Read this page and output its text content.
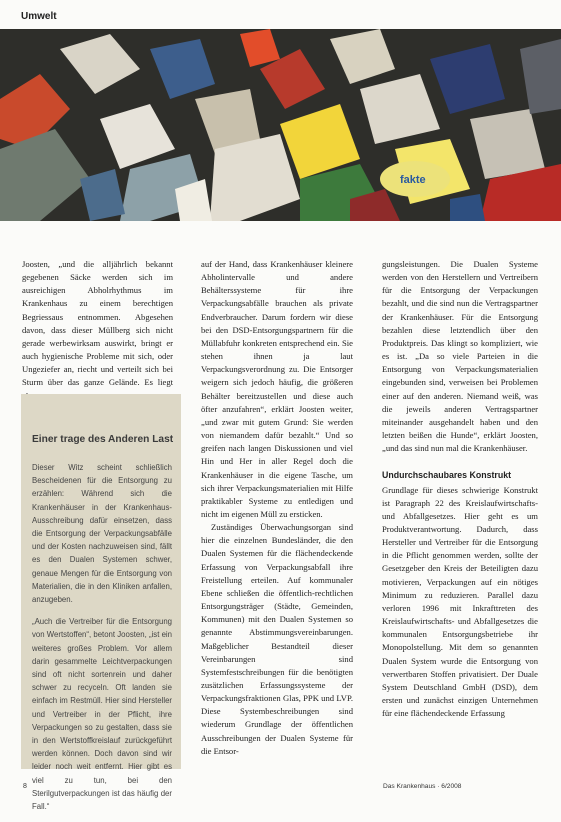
Umwelt
fakte

Joosten, „und die alljährlich bekannt gegebenen Säcke werden sich im ausreichigen Abholrhythmus im Krankenhaus zu einem berechtigen Begriessaus entnommen. Abgesehen davon, dass dieser Müllberg sich nicht gerade werbewirksam auswirkt, bringt er auch hygienische Probleme mit sich, oder Ungeziefer an, riecht und verteilt sich bei Sturm über das ganze Gelände. Es liegt

auf der Hand, dass Krankenhäuser kleinere Abholintervalle und andere Behälterssysteme für ihre Verpackungsabfälle brauchen als private Endverbraucher. Darum fordern wir diese bei den DSD-Entsorgungspartnern für die Müllabfuhr konkreten entsprechend ein. Sie stehen ihnen ja laut Verpackungsverordnung zu. Die Entsorger weigern sich jedoch häufig, die größeren Behälter bereitzustellen und diese auch öfter anzufahren“, erklärt Joosten weiter, „und zwar mit gutem Grund: Sie werden von niemandem dafür bezahlt.“ Und so greifen nach langen Diskussionen und viel Hin und Her in aller Regel doch die Krankenhäuser in die eigene Tasche, um sich ihrer Verpackungsmaterialien mit Hilfe praktikabler Systeme zu entledigen und nicht im eigenen Müll zu ersticken.

Zuständiges Überwachungsorgan sind hier die einzelnen Bundesländer, die den Dualen Systemen für die flächendeckende Erfassung von Verpackungsabfall ihre Freistellung erteilen. Auf kommunaler Ebene schließen die öffentlich-rechtlichen Entsorgungsträger (Städte, Gemeinden, Kommunen) mit den Dualen Systemen so genannte Abstimmungsvereinbarungen. Maßgeblicher Bestandteil dieser Vereinbarungen sind Systemfestschreibungen für die benötigten zusätzlichen Erfassungssysteme der Verpackungsfraktionen Glas, PPK und LVP. Diese Systembeschreibungen sind wiederum Grundlage der öffentlichen Ausschreibungen der Dualen Systeme für die Entsor-

gungsleistungen. Die Dualen Systeme werden von den Herstellern und Vertreibern für die Entsorgung der Verpackungen bezahlt, und die sind nun die Vertragspartner der Krankenhäuser. Für die Entsorgung bezahlen diese letztendlich über den Produktpreis. Das klingt so kompliziert, wie es ist. „Da so viele Parteien in die Entsorgung von Verpackungsmaterialien eingebunden sind, verweisen bei Problemen einer auf den anderen. Niemand weiß, was die jeweils anderen Vertragspartner miteinander ausgehandelt haben und den letzten beißen die Hunde“, erklärt Joosten, „und das sind nun mal die Krankenhäuser.

Undurchschaubares Konstrukt

Grundlage für dieses schwierige Konstrukt ist Paragraph 22 des Kreislaufwirtschafts- und Abfallgesetzes. Hier geht es um Produktverantwortung. Dadurch, dass Hersteller und Vertreiber für die Entsorgung in die Pflicht genommen werden, sollte der Gesetzgeber den Kreis der Beteiligten dazu motivieren, Verpackungen auf ein nötiges Minimum zu reduzieren. Parallel dazu verloren 1996 mit Inkrafttreten des Kreislaufwirtschafts- und Abfallgesetzes die kommunalen Entsorgungsbetriebe ihr Monopolstellung. Mit dem so genannten Dualen System wurde die Entsorgung von verwertbaren Stoffen privatisiert. Der Duale System Deutschland GmbH (DSD), dem ersten und zunächst einzigen Unternehmen für eine flächendeckende Erfassung

Einer trage des Anderen Last

Dieser Witz scheint schließlich Bescheidenen für die Entsorgung zu erzählen: Während sich die Krankenhäuser in der Krankenhaus-Ausschreibung dafür einsetzen, dass die Entsorgung der Verpackungsabfälle und der Kosten nachzuweisen sind, fällt es den Dualen Systemen schwer, genaue Mengen für die Entsorgung von Materialien, die in den Kliniken anfallen, anzugeben.

„Auch die Vertreiber für die Entsorgung von Wertstoffen“, betont Joosten, „ist ein weiteres großes Problem. Vor allem darin gesammelte Leichtverpackungen sind oft nicht sortenrein und daher schwer zu recyceln. Oft landen sie einfach im Restmüll. Hier sind Hersteller und Vertreiber in der Pflicht, ihre Verpackungen so zu gestalten, dass sie in den Wertstoffkreislauf zurückgeführt werden können. Doch davon sind wir leider noch weit entfernt. Hier gibt es viel zu tun, bei den Sterilgutverpackungen ist das häufig der Fall.“

8	Das Krankenhaus · 6/2008
